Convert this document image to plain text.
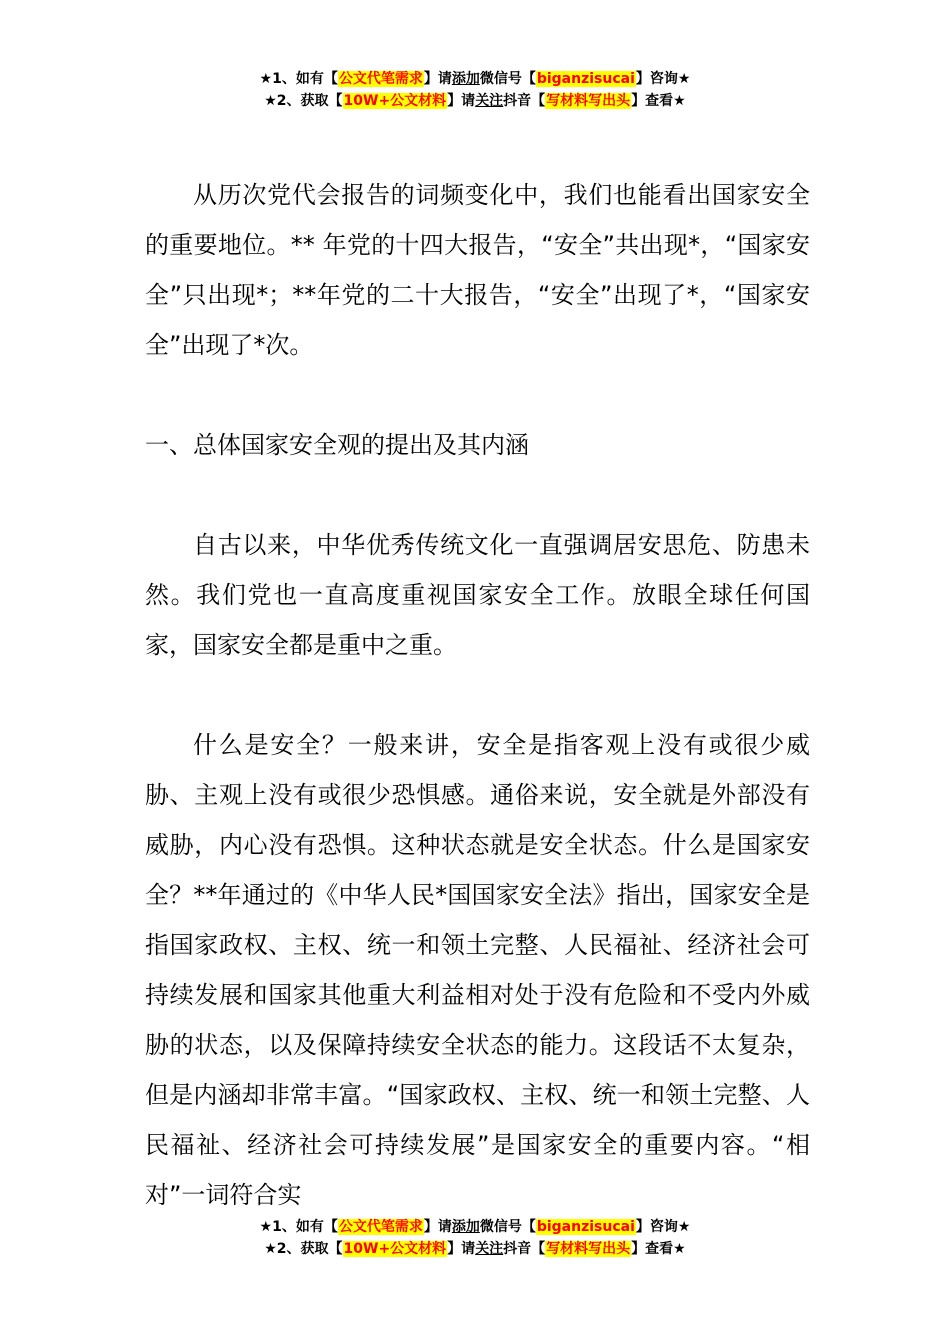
★1、如有【公文代笔需求】请添加微信号【biganzisucai】咨询★
★2、获取【10W+公文材料】请关注抖音【写材料写出头】查看★

从历次党代会报告的词频变化中，我们也能看出国家安全的重要地位。** 年党的十四大报告，“安全”共出现*，“国家安全”只出现*；**年党的二十大报告，“安全”出现了*，“国家安全”出现了*次。

一、总体国家安全观的提出及其内涵

自古以来，中华优秀传统文化一直强调居安思危、防患未然。我们党也一直高度重视国家安全工作。放眼全球任何国家，国家安全都是重中之重。

什么是安全？一般来讲，安全是指客观上没有或很少威胁、主观上没有或很少恐惧感。通俗来说，安全就是外部没有威胁，内心没有恐惧。这种状态就是安全状态。什么是国家安全？**年通过的《中华人民*国国家安全法》指出，国家安全是指国家政权、主权、统一和领土完整、人民福祉、经济社会可持续发展和国家其他重大利益相对处于没有危险和不受内外威胁的状态，以及保障持续安全状态的能力。这段话不太复杂，但是内涵却非常丰富。“国家政权、主权、统一和领土完整、人民福祉、经济社会可持续发展”是国家安全的重要内容。“相对”一词符合实

★1、如有【公文代笔需求】请添加微信号【biganzisucai】咨询★
★2、获取【10W+公文材料】请关注抖音【写材料写出头】查看★
